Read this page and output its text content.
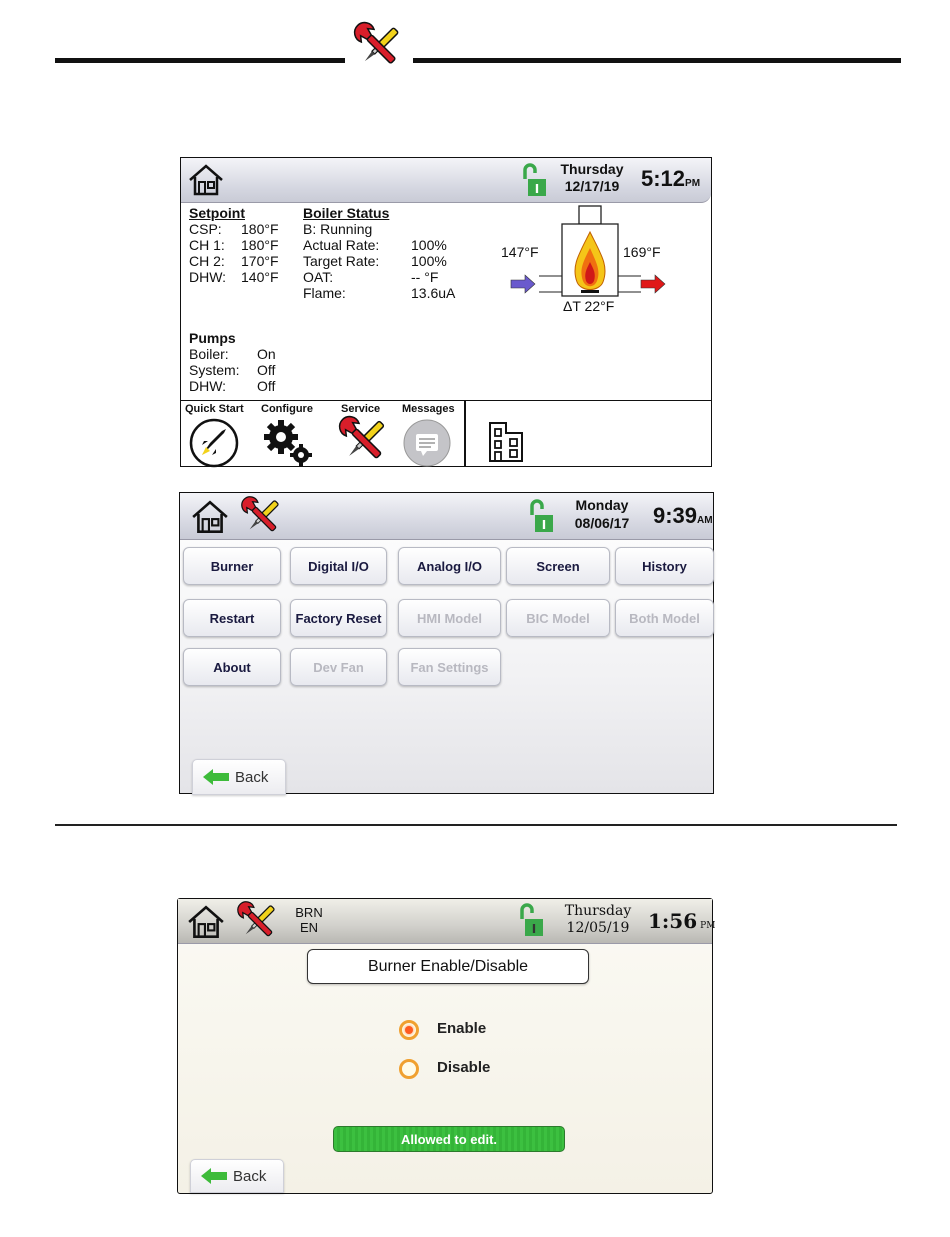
I
Thursday
12/17/19 5:12PM
Setpoint
CSP:	180°F
CH 1:	180°F
CH 2:	170°F
DHW:	140°F
Boiler Status
B: Running
Actual Rate:	100%
Target Rate:	100%
OAT:	-- °F
Flame:	13.6uA
147°F	169°F
ΔT 22°F
Pumps
Boiler:	On
System:	Off
DHW:	Off
Quick Start Configure	Service Messages
I
Monday
08/06/17	9:39AM
Burner	Digital I/O	Analog I/O	Screen	History
Restart	Factory Reset	HMI Model	BIC Model	Both Model
About	Dev Fan	Fan Settings
Back
BRN
EN	I
Thursday
12/05/19 1:56 PM
Burner Enable/Disable
Enable
Disable
Allowed to edit.
Back
